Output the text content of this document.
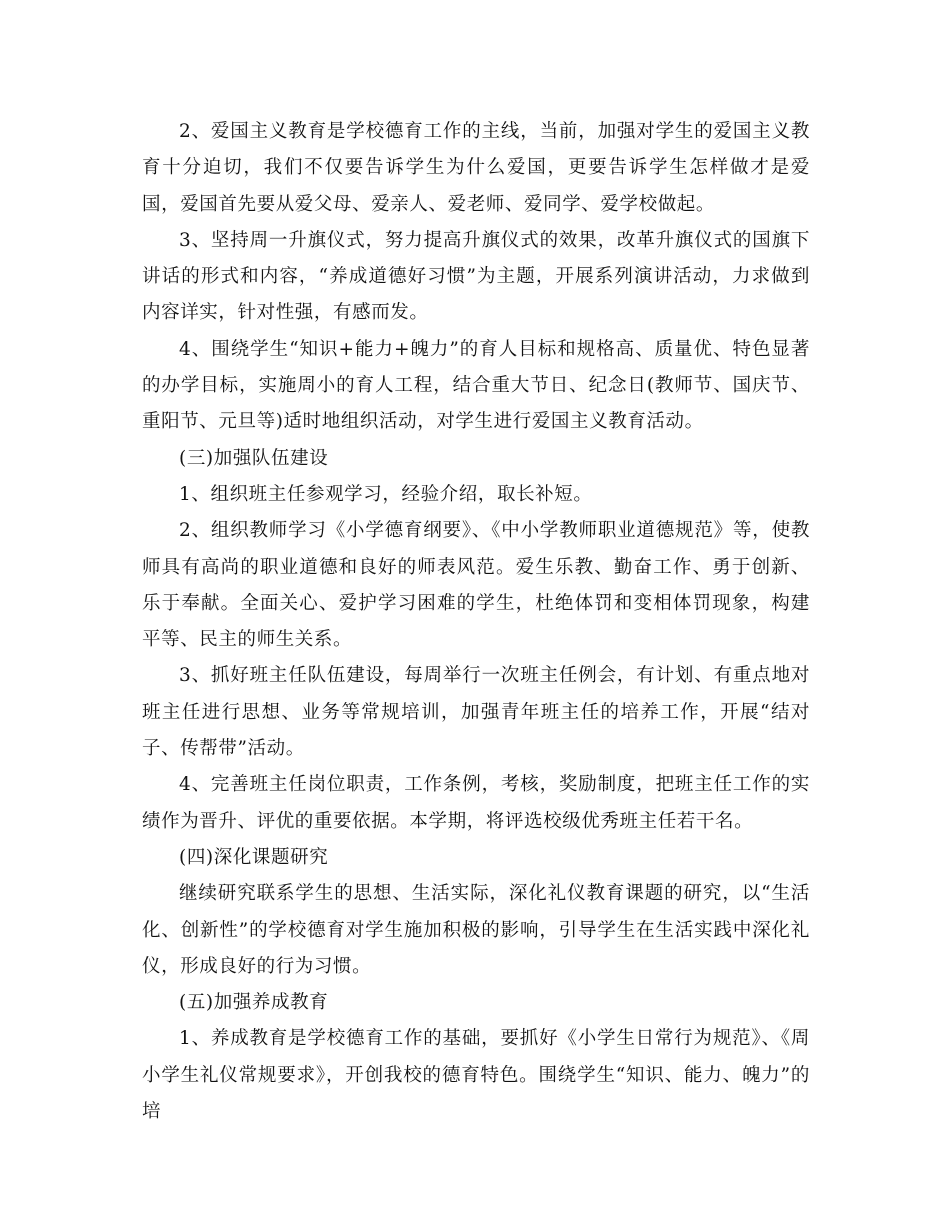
2、爱国主义教育是学校德育工作的主线，当前，加强对学生的爱国主义教育十分迫切，我们不仅要告诉学生为什么爱国，更要告诉学生怎样做才是爱国，爱国首先要从爱父母、爱亲人、爱老师、爱同学、爱学校做起。

3、坚持周一升旗仪式，努力提高升旗仪式的效果，改革升旗仪式的国旗下讲话的形式和内容，“养成道德好习惯”为主题，开展系列演讲活动，力求做到内容详实，针对性强，有感而发。

4、围绕学生“知识+能力+魄力”的育人目标和规格高、质量优、特色显著的办学目标，实施周小的育人工程，结合重大节日、纪念日(教师节、国庆节、重阳节、元旦等)适时地组织活动，对学生进行爱国主义教育活动。

(三)加强队伍建设

1、组织班主任参观学习，经验介绍，取长补短。

2、组织教师学习《小学德育纲要》、《中小学教师职业道德规范》等，使教师具有高尚的职业道德和良好的师表风范。爱生乐教、勤奋工作、勇于创新、乐于奉献。全面关心、爱护学习困难的学生，杜绝体罚和变相体罚现象，构建平等、民主的师生关系。

3、抓好班主任队伍建设，每周举行一次班主任例会，有计划、有重点地对班主任进行思想、业务等常规培训，加强青年班主任的培养工作，开展“结对子、传帮带”活动。

4、完善班主任岗位职责，工作条例，考核，奖励制度，把班主任工作的实绩作为晋升、评优的重要依据。本学期，将评选校级优秀班主任若干名。

(四)深化课题研究

继续研究联系学生的思想、生活实际，深化礼仪教育课题的研究，以“生活化、创新性”的学校德育对学生施加积极的影响，引导学生在生活实践中深化礼仪，形成良好的行为习惯。

(五)加强养成教育

1、养成教育是学校德育工作的基础，要抓好《小学生日常行为规范》、《周小学生礼仪常规要求》，开创我校的德育特色。围绕学生“知识、能力、魄力”的培
